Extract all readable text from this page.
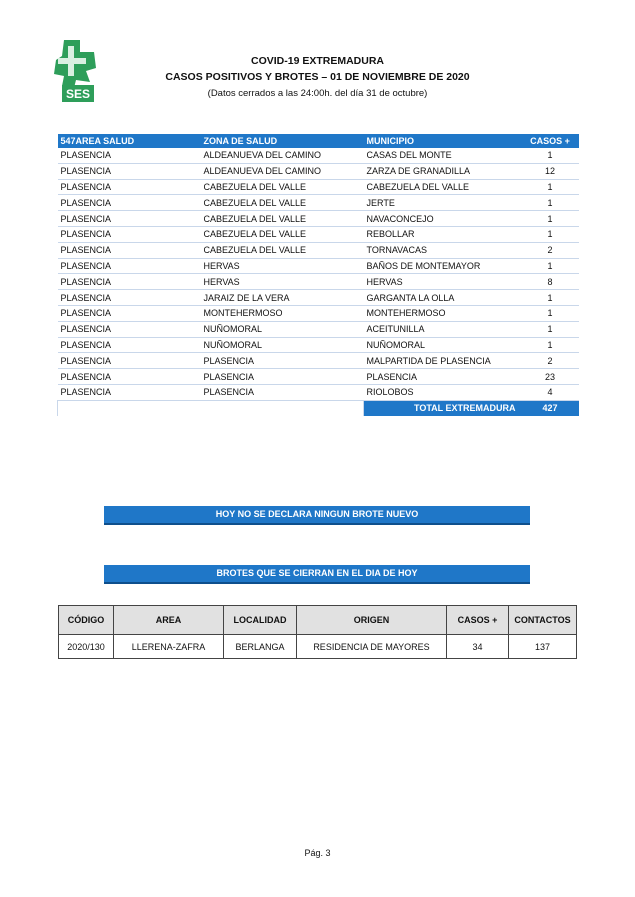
SES
COVID-19 EXTREMADURA
CASOS POSITIVOS Y BROTES – 01 DE NOVIEMBRE DE 2020
(Datos cerrados a las 24:00h. del día 31 de octubre)
547AREA SALUD	ZONA DE SALUD	MUNICIPIO	CASOS +
PLASENCIA	ALDEANUEVA DEL CAMINO	CASAS DEL MONTE	1
PLASENCIA	ALDEANUEVA DEL CAMINO	ZARZA DE GRANADILLA	12
PLASENCIA	CABEZUELA DEL VALLE	CABEZUELA DEL VALLE	1
PLASENCIA	CABEZUELA DEL VALLE	JERTE	1
PLASENCIA	CABEZUELA DEL VALLE	NAVACONCEJO	1
PLASENCIA	CABEZUELA DEL VALLE	REBOLLAR	1
PLASENCIA	CABEZUELA DEL VALLE	TORNAVACAS	2
PLASENCIA	HERVAS	BAÑOS DE MONTEMAYOR	1
PLASENCIA	HERVAS	HERVAS	8
PLASENCIA	JARAIZ DE LA VERA	GARGANTA LA OLLA	1
PLASENCIA	MONTEHERMOSO	MONTEHERMOSO	1
PLASENCIA	NUÑOMORAL	ACEITUNILLA	1
PLASENCIA	NUÑOMORAL	NUÑOMORAL	1
PLASENCIA	PLASENCIA	MALPARTIDA DE PLASENCIA	2
PLASENCIA	PLASENCIA	PLASENCIA	23
PLASENCIA	PLASENCIA	RIOLOBOS	4
		TOTAL EXTREMADURA	427
HOY NO SE DECLARA NINGUN BROTE NUEVO
BROTES QUE SE CIERRAN EN EL DIA DE HOY
CÓDIGO	AREA	LOCALIDAD	ORIGEN	CASOS +	CONTACTOS
2020/130	LLERENA-ZAFRA	BERLANGA	RESIDENCIA DE MAYORES	34	137
Pág. 3
